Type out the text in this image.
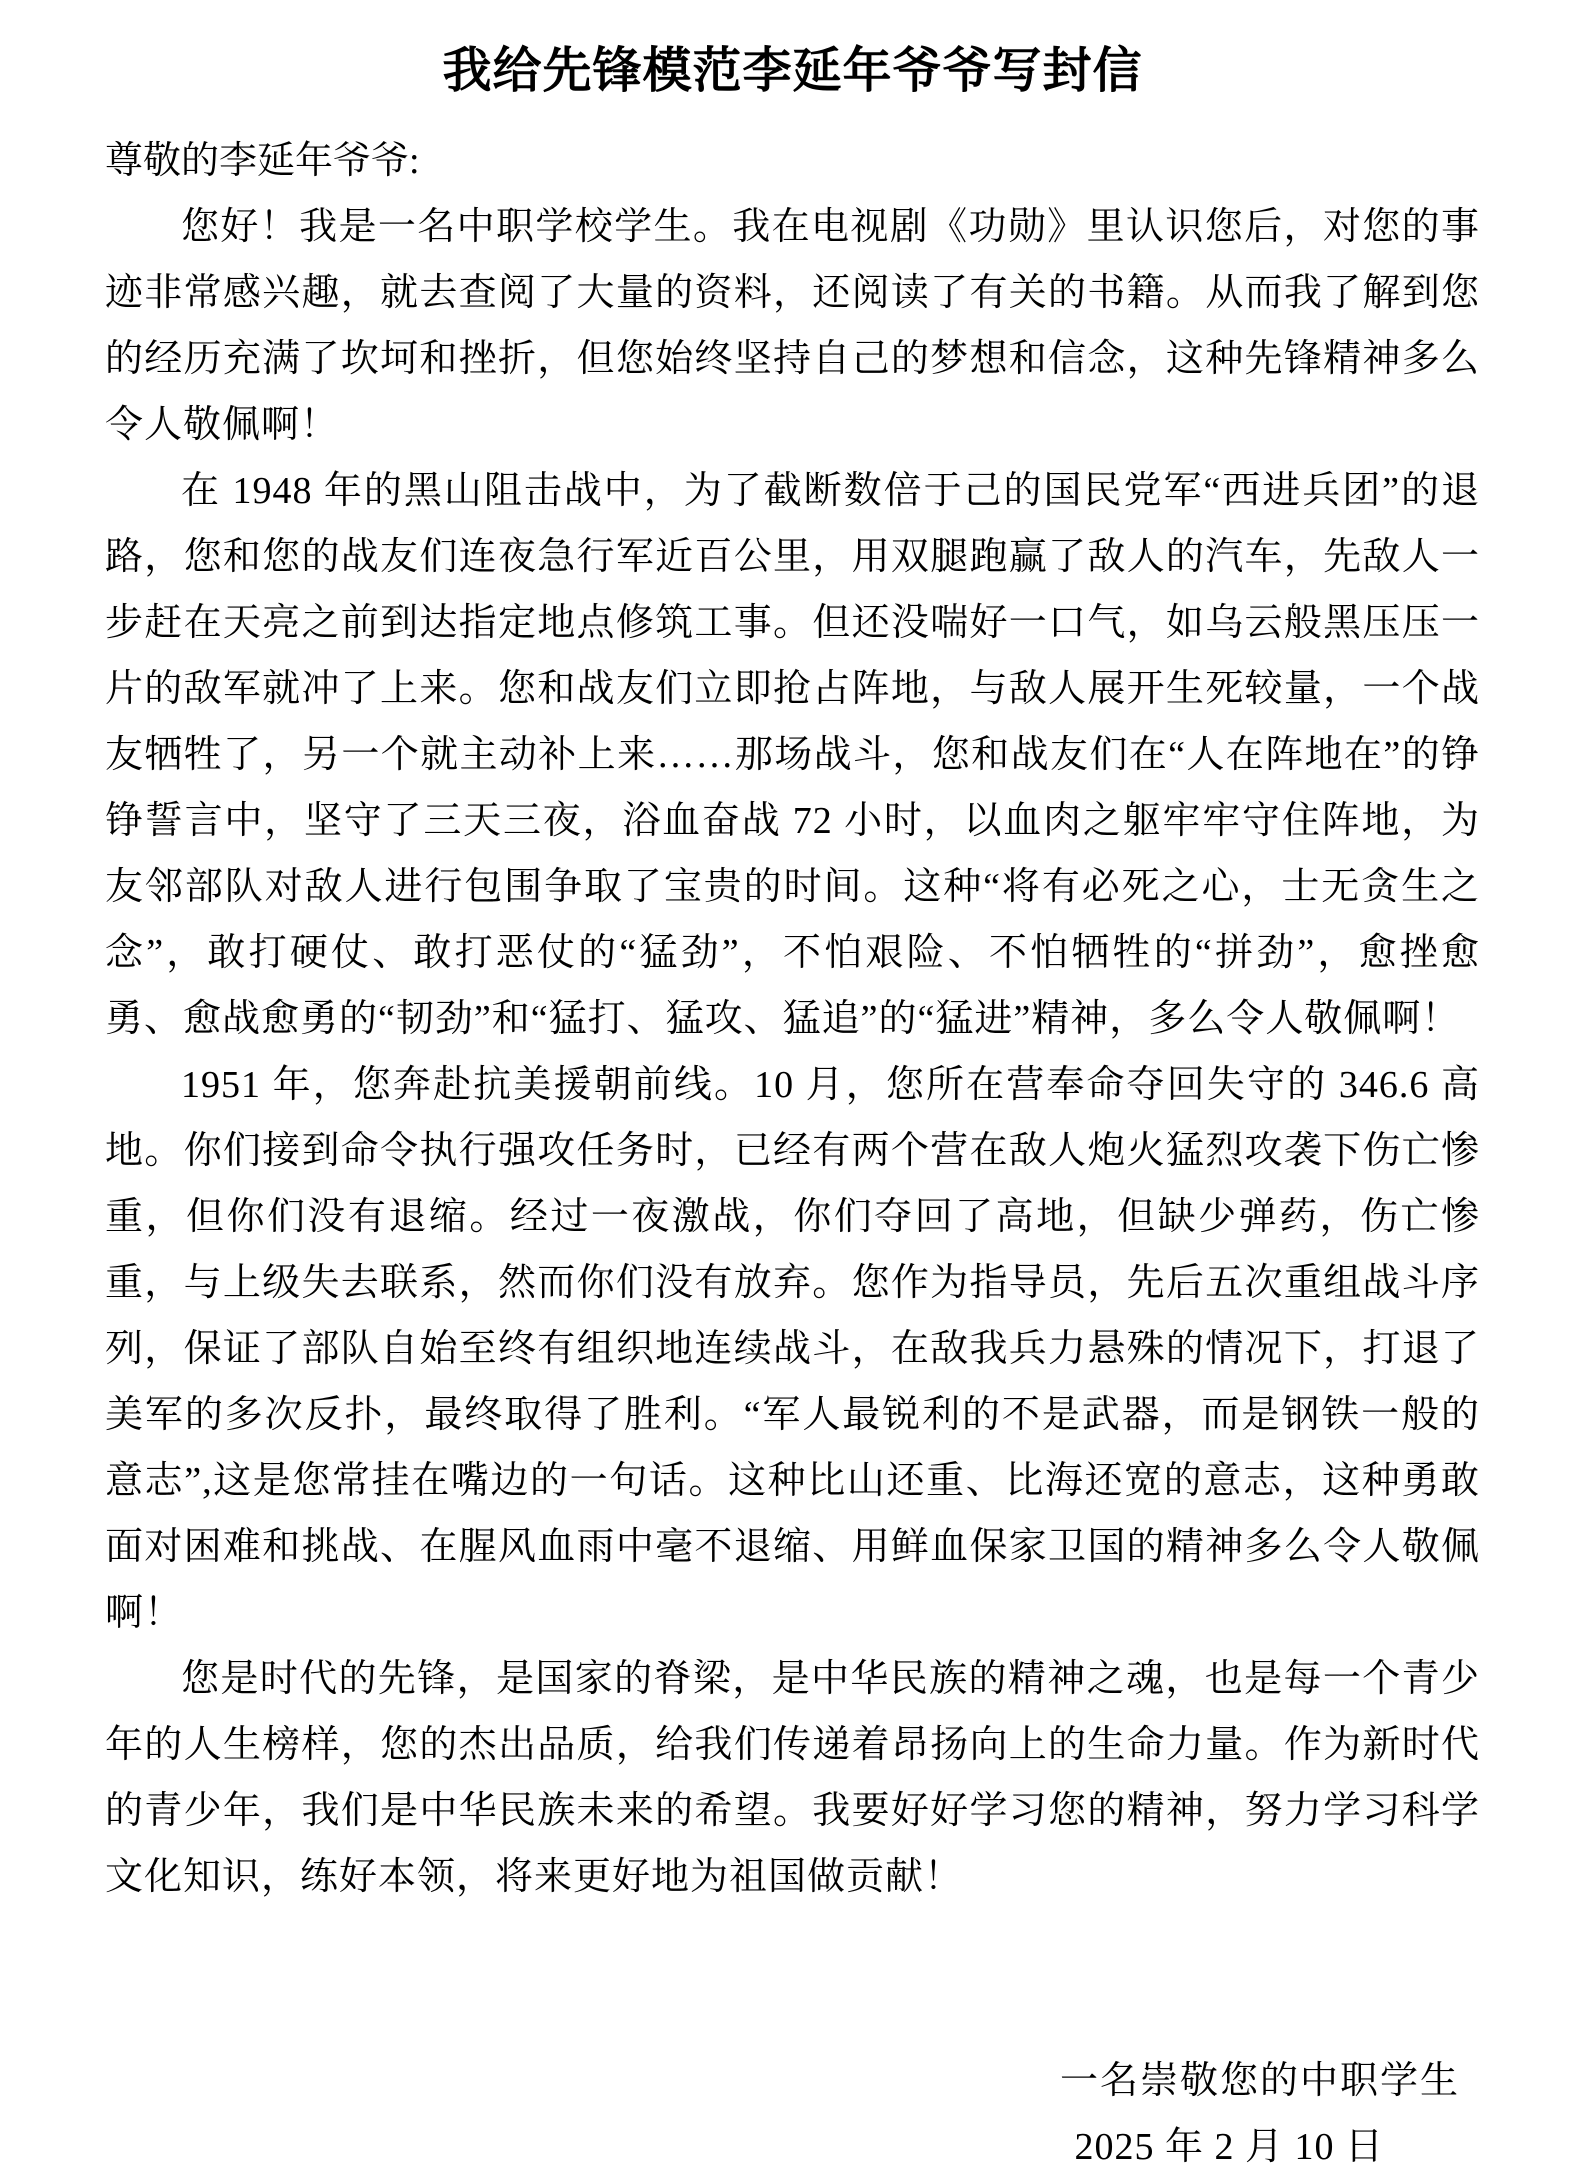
我给先锋模范李延年爷爷写封信

尊敬的李延年爷爷:

您好！我是一名中职学校学生。我在电视剧《功勋》里认识您后，对您的事迹非常感兴趣，就去查阅了大量的资料，还阅读了有关的书籍。从而我了解到您的经历充满了坎坷和挫折，但您始终坚持自己的梦想和信念，这种先锋精神多么令人敬佩啊！

在 1948 年的黑山阻击战中，为了截断数倍于己的国民党军“西进兵团”的退路，您和您的战友们连夜急行军近百公里，用双腿跑赢了敌人的汽车，先敌人一步赶在天亮之前到达指定地点修筑工事。但还没喘好一口气，如乌云般黑压压一片的敌军就冲了上来。您和战友们立即抢占阵地，与敌人展开生死较量，一个战友牺牲了，另一个就主动补上来……那场战斗，您和战友们在“人在阵地在”的铮铮誓言中，坚守了三天三夜，浴血奋战 72 小时，以血肉之躯牢牢守住阵地，为友邻部队对敌人进行包围争取了宝贵的时间。这种“将有必死之心，士无贪生之念”，敢打硬仗、敢打恶仗的“猛劲”，不怕艰险、不怕牺牲的“拼劲”，愈挫愈勇、愈战愈勇的“韧劲”和“猛打、猛攻、猛追”的“猛进”精神，多么令人敬佩啊！

1951 年，您奔赴抗美援朝前线。10 月，您所在营奉命夺回失守的 346.6 高地。你们接到命令执行强攻任务时，已经有两个营在敌人炮火猛烈攻袭下伤亡惨重，但你们没有退缩。经过一夜激战，你们夺回了高地，但缺少弹药，伤亡惨重，与上级失去联系，然而你们没有放弃。您作为指导员，先后五次重组战斗序列，保证了部队自始至终有组织地连续战斗，在敌我兵力悬殊的情况下，打退了美军的多次反扑，最终取得了胜利。“军人最锐利的不是武器，而是钢铁一般的意志”,这是您常挂在嘴边的一句话。这种比山还重、比海还宽的意志，这种勇敢面对困难和挑战、在腥风血雨中毫不退缩、用鲜血保家卫国的精神多么令人敬佩啊！

您是时代的先锋，是国家的脊梁，是中华民族的精神之魂，也是每一个青少年的人生榜样，您的杰出品质，给我们传递着昂扬向上的生命力量。作为新时代的青少年，我们是中华民族未来的希望。我要好好学习您的精神，努力学习科学文化知识，练好本领，将来更好地为祖国做贡献！

一名崇敬您的中职学生
2025 年 2 月 10 日
